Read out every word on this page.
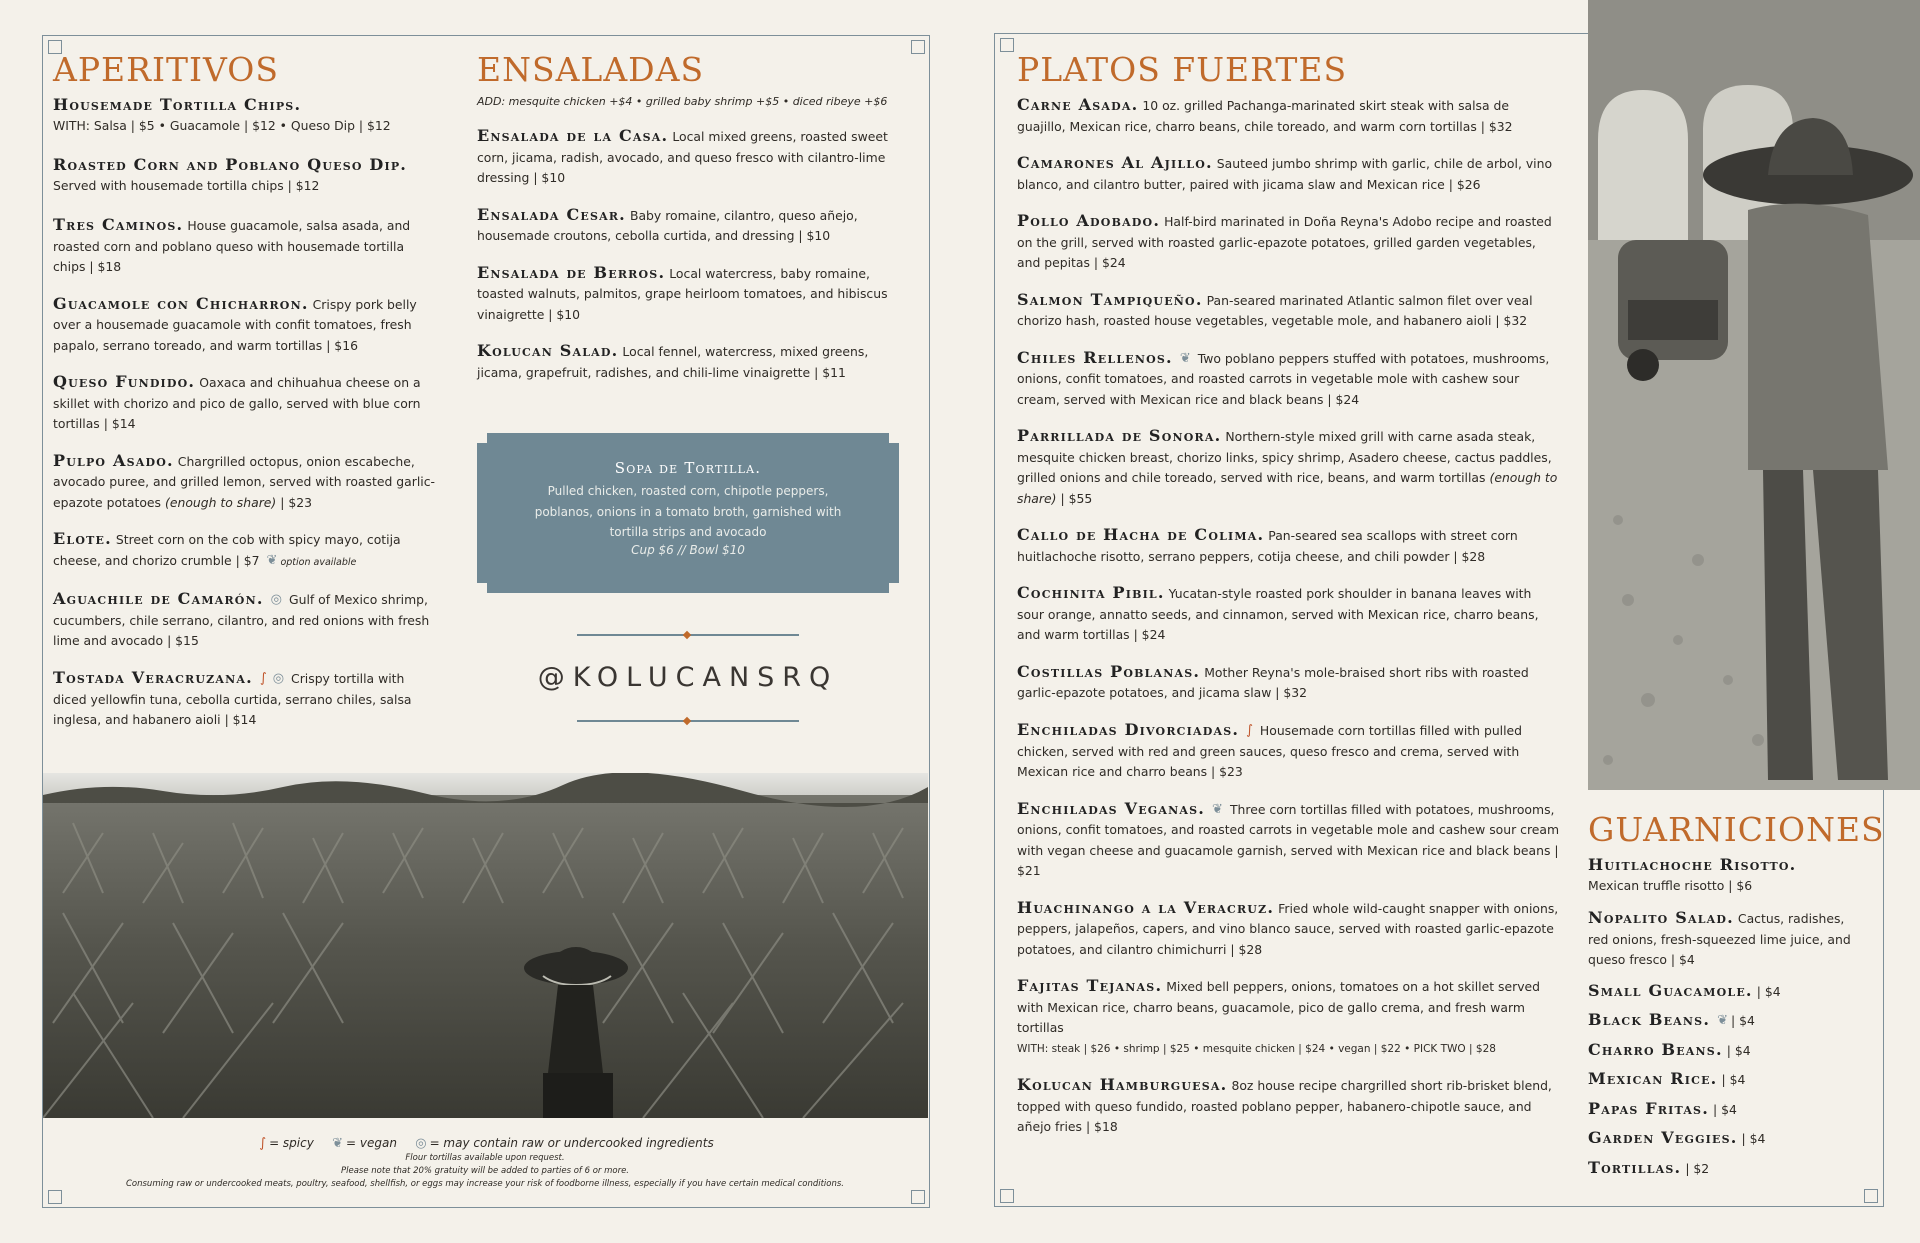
APERITIVOS
Housemade Tortilla Chips.
WITH: Salsa | $5 • Guacamole | $12 • Queso Dip | $12
Roasted Corn and Poblano Queso Dip.
Served with housemade tortilla chips | $12
Tres Caminos. House guacamole, salsa asada, and roasted corn and poblano queso with housemade tortilla chips | $18
Guacamole con Chicharron. Crispy pork belly over a housemade guacamole with confit tomatoes, fresh papalo, serrano toreado, and warm tortillas | $16
Queso Fundido. Oaxaca and chihuahua cheese on a skillet with chorizo and pico de gallo, served with blue corn tortillas | $14
Pulpo Asado. Chargrilled octopus, onion escabeche, avocado puree, and grilled lemon, served with roasted garlic-epazote potatoes (enough to share) | $23
Elote. Street corn on the cob with spicy mayo, cotija cheese, and chorizo crumble | $7 ❦ option available
Aguachile de Camarón. ◎ Gulf of Mexico shrimp, cucumbers, chile serrano, cilantro, and red onions with fresh lime and avocado | $15
Tostada Veracruzana. ∫ ◎ Crispy tortilla with diced yellowfin tuna, cebolla curtida, serrano chiles, salsa inglesa, and habanero aioli | $14
ENSALADAS
ADD: mesquite chicken +$4 • grilled baby shrimp +$5 • diced ribeye +$6
Ensalada de la Casa. Local mixed greens, roasted sweet corn, jicama, radish, avocado, and queso fresco with cilantro-lime dressing | $10
Ensalada Cesar. Baby romaine, cilantro, queso añejo, housemade croutons, cebolla curtida, and dressing | $10
Ensalada de Berros. Local watercress, baby romaine, toasted walnuts, palmitos, grape heirloom tomatoes, and hibiscus vinaigrette | $10
Kolucan Salad. Local fennel, watercress, mixed greens, jicama, grapefruit, radishes, and chili-lime vinaigrette | $11
Sopa de Tortilla.
Pulled chicken, roasted corn, chipotle peppers, poblanos, onions in a tomato broth, garnished with tortilla strips and avocado
Cup $6 // Bowl $10
@KOLUCANSRQ
∫ = spicy ❦ = vegan ◎ = may contain raw or undercooked ingredients
Flour tortillas available upon request.
Please note that 20% gratuity will be added to parties of 6 or more.
Consuming raw or undercooked meats, poultry, seafood, shellfish, or eggs may increase your risk of foodborne illness, especially if you have certain medical conditions.
PLATOS FUERTES
Carne Asada. 10 oz. grilled Pachanga-marinated skirt steak with salsa de guajillo, Mexican rice, charro beans, chile toreado, and warm corn tortillas | $32
Camarones Al Ajillo. Sauteed jumbo shrimp with garlic, chile de arbol, vino blanco, and cilantro butter, paired with jicama slaw and Mexican rice | $26
Pollo Adobado. Half-bird marinated in Doña Reyna's Adobo recipe and roasted on the grill, served with roasted garlic-epazote potatoes, grilled garden vegetables, and pepitas | $24
Salmon Tampiqueño. Pan-seared marinated Atlantic salmon filet over veal chorizo hash, roasted house vegetables, vegetable mole, and habanero aioli | $32
Chiles Rellenos. ❦ Two poblano peppers stuffed with potatoes, mushrooms, onions, confit tomatoes, and roasted carrots in vegetable mole with cashew sour cream, served with Mexican rice and black beans | $24
Parrillada de Sonora. Northern-style mixed grill with carne asada steak, mesquite chicken breast, chorizo links, spicy shrimp, Asadero cheese, cactus paddles, grilled onions and chile toreado, served with rice, beans, and warm tortillas (enough to share) | $55
Callo de Hacha de Colima. Pan-seared sea scallops with street corn huitlachoche risotto, serrano peppers, cotija cheese, and chili powder | $28
Cochinita Pibil. Yucatan-style roasted pork shoulder in banana leaves with sour orange, annatto seeds, and cinnamon, served with Mexican rice, charro beans, and warm tortillas | $24
Costillas Poblanas. Mother Reyna's mole-braised short ribs with roasted garlic-epazote potatoes, and jicama slaw | $32
Enchiladas Divorciadas. ∫ Housemade corn tortillas filled with pulled chicken, served with red and green sauces, queso fresco and crema, served with Mexican rice and charro beans | $23
Enchiladas Veganas. ❦ Three corn tortillas filled with potatoes, mushrooms, onions, confit tomatoes, and roasted carrots in vegetable mole and cashew sour cream with vegan cheese and guacamole garnish, served with Mexican rice and black beans | $21
Huachinango a la Veracruz. Fried whole wild-caught snapper with onions, peppers, jalapeños, capers, and vino blanco sauce, served with roasted garlic-epazote potatoes, and cilantro chimichurri | $28
Fajitas Tejanas. Mixed bell peppers, onions, tomatoes on a hot skillet served with Mexican rice, charro beans, guacamole, pico de gallo crema, and fresh warm tortillas
WITH: steak | $26 • shrimp | $25 • mesquite chicken | $24 • vegan | $22 • PICK TWO | $28
Kolucan Hamburguesa. 8oz house recipe chargrilled short rib-brisket blend, topped with queso fundido, roasted poblano pepper, habanero-chipotle sauce, and añejo fries | $18
GUARNICIONES
Huitlachoche Risotto.
Mexican truffle risotto | $6
Nopalito Salad. Cactus, radishes, red onions, fresh-squeezed lime juice, and queso fresco | $4
Small Guacamole. | $4
Black Beans. ❦ | $4
Charro Beans. | $4
Mexican Rice. | $4
Papas Fritas. | $4
Garden Veggies. | $4
Tortillas. | $2
